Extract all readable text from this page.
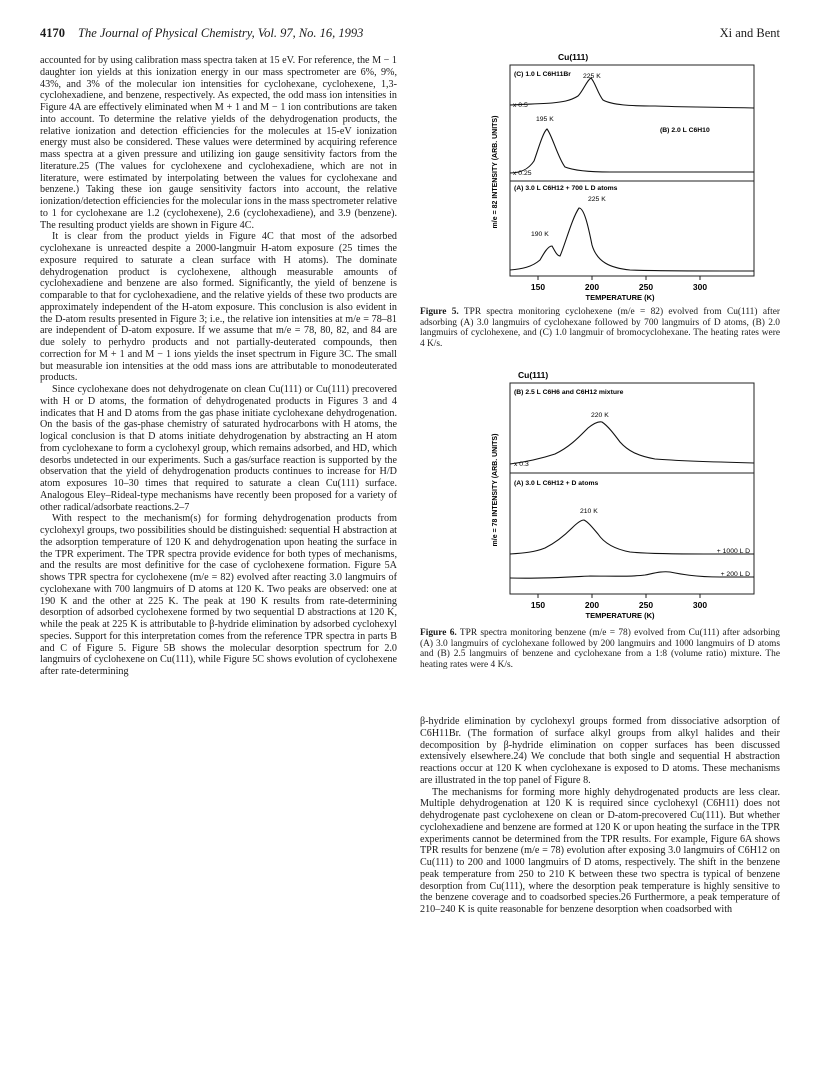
4170 The Journal of Physical Chemistry, Vol. 97, No. 16, 1993	Xi and Bent

accounted for by using calibration mass spectra taken at 15 eV. For reference, the M − 1 daughter ion yields at this ionization energy in our mass spectrometer are 6%, 9%, 43%, and 3% of the molecular ion intensities for cyclohexane, cyclohexene, 1,3-cyclohexadiene, and benzene, respectively. As expected, the odd mass ion intensities in Figure 4A are effectively eliminated when M + 1 and M − 1 ion contributions are taken into account. To determine the relative yields of the dehydrogenation products, the relative ionization and detection efficiencies for the molecules at 15-eV ionization energy must also be considered. These values were determined by acquiring reference mass spectra at a given pressure and utilizing ion gauge sensitivity factors from the literature.25 (The values for cyclohexene and cyclohexadiene, which are not in literature, were estimated by interpolating between the values for cyclohexane and benzene.) Taking these ion gauge sensitivity factors into account, the relative ionization/detection efficiencies for the molecular ions in the mass spectrometer relative to 1 for cyclohexane are 1.2 (cyclohexene), 2.6 (cyclohexadiene), and 3.9 (benzene). The resulting product yields are shown in Figure 4C.

It is clear from the product yields in Figure 4C that most of the adsorbed cyclohexane is unreacted despite a 2000-langmuir H-atom exposure (25 times the exposure required to saturate a clean surface with H atoms). The dominate dehydrogenation product is cyclohexene, although measurable amounts of cyclohexadiene and benzene are also formed. Significantly, the yield of benzene is comparable to that for cyclohexadiene, and the relative yields of these two products are approximately independent of the H-atom exposure. This conclusion is also evident in the D-atom results presented in Figure 3; i.e., the relative ion intensities at m/e = 78–81 are independent of D-atom exposure. If we assume that m/e = 78, 80, 82, and 84 are due solely to perhydro products and not partially-deuterated compounds, then correction for M + 1 and M − 1 ions yields the inset spectrum in Figure 3C. The small but measurable ion intensities at the odd mass ions are attributable to monodeuterated products.

Since cyclohexane does not dehydrogenate on clean Cu(111) or Cu(111) precovered with H or D atoms, the formation of dehydrogenated products in Figures 3 and 4 indicates that H and D atoms from the gas phase initiate cyclohexane dehydrogenation. On the basis of the gas-phase chemistry of saturated hydrocarbons with H atoms, the logical conclusion is that D atoms initiate dehydrogenation by abstracting an H atom from cyclohexane to form a cyclohexyl group, which remains adsorbed, and HD, which desorbs undetected in our experiments. Such a gas/surface reaction is supported by the observation that the yield of dehydrogenation products continues to increase for H/D atom exposures 10–30 times that required to saturate a clean Cu(111) surface. Analogous Eley–Rideal-type mechanisms have recently been proposed for a variety of other radical/adsorbate reactions.2–7

With respect to the mechanism(s) for forming dehydrogenation products from cyclohexyl groups, two possibilities should be distinguished: sequential H abstraction at the adsorption temperature of 120 K and dehydrogenation upon heating the surface in the TPR experiment. The TPR spectra provide evidence for both types of mechanisms, and the results are most definitive for the case of cyclohexene formation. Figure 5A shows TPR spectra for cyclohexene (m/e = 82) evolved after reacting 3.0 langmuirs of cyclohexane with 700 langmuirs of D atoms at 120 K. Two peaks are observed: one at 190 K and the other at 225 K. The peak at 190 K results from rate-determining desorption of adsorbed cyclohexene formed by two sequential D abstractions at 120 K, while the peak at 225 K is attributable to β-hydride elimination by adsorbed cyclohexyl species. Support for this interpretation comes from the reference TPR spectra in parts B and C of Figure 5. Figure 5B shows the molecular desorption spectrum for 2.0 langmuirs of cyclohexene on Cu(111), while Figure 5C shows evolution of cyclohexene after rate-determining

Cu(111)
(C) 1.0 L C6H11Br
(B) 2.0 L C6H10
(A) 3.0 L C6H12 + 700 L D atoms
x 0.5
x 0.25
225 K
195 K
225 K
190 K
150	200	250	300
TEMPERATURE (K)
m/e = 82 INTENSITY (ARB. UNITS)
Figure 5. TPR spectra monitoring cyclohexene (m/e = 82) evolved from Cu(111) after adsorbing (A) 3.0 langmuirs of cyclohexane followed by 700 langmuirs of D atoms, (B) 2.0 langmuirs of cyclohexene, and (C) 1.0 langmuir of bromocyclohexane. The heating rates were 4 K/s.
Cu(111)
(B) 2.5 L C6H6 and C6H12 mixture
(A) 3.0 L C6H12 + D atoms
x 0.3
220 K
210 K
+ 1000 L D
+ 200 L D
150	200	250	300
TEMPERATURE (K)
m/e = 78 INTENSITY (ARB. UNITS)
Figure 6. TPR spectra monitoring benzene (m/e = 78) evolved from Cu(111) after adsorbing (A) 3.0 langmuirs of cyclohexane followed by 200 langmuirs and 1000 langmuirs of D atoms and (B) 2.5 langmuirs of benzene and cyclohexane from a 1:8 (volume ratio) mixture. The heating rates were 4 K/s.

β-hydride elimination by cyclohexyl groups formed from dissociative adsorption of C6H11Br. (The formation of surface alkyl groups from alkyl halides and their decomposition by β-hydride elimination on copper surfaces has been discussed extensively elsewhere.24) We conclude that both single and sequential H abstraction reactions occur at 120 K when cyclohexane is exposed to D atoms. These mechanisms are illustrated in the top panel of Figure 8.

The mechanisms for forming more highly dehydrogenated products are less clear. Multiple dehydrogenation at 120 K is required since cyclohexyl (C6H11) does not dehydrogenate past cyclohexene on clean or D-atom-precovered Cu(111). But whether cyclohexadiene and benzene are formed at 120 K or upon heating the surface in the TPR experiments cannot be determined from the TPR results. For example, Figure 6A shows TPR results for benzene (m/e = 78) evolution after exposing 3.0 langmuirs of C6H12 on Cu(111) to 200 and 1000 langmuirs of D atoms, respectively. The shift in the benzene peak temperature from 250 to 210 K between these two spectra is typical of benzene desorption from Cu(111), where the desorption peak temperature is highly sensitive to the benzene coverage and to coadsorbed species.26 Furthermore, a peak temperature of 210–240 K is quite reasonable for benzene desorption when coadsorbed with
